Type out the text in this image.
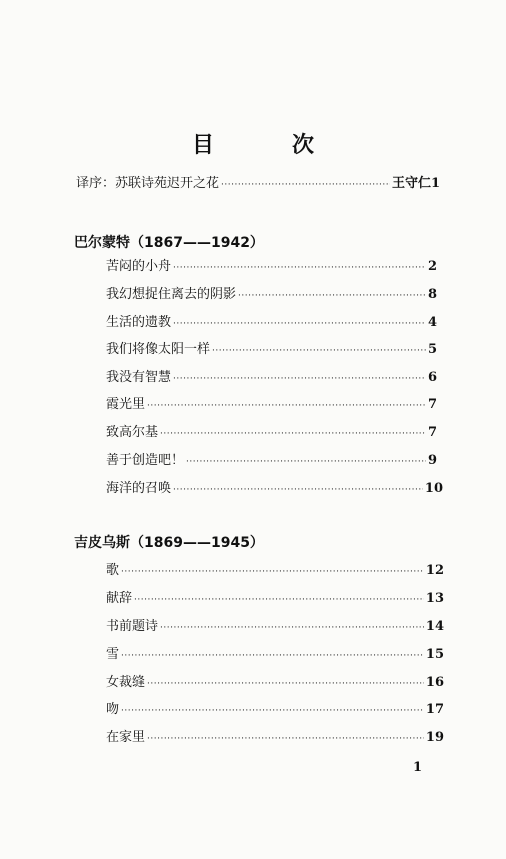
目　次
译序：苏联诗苑迟开之花 ·····	王守仁1
巴尔蒙特（1867——1942）
苦闷的小舟 ·····	2
我幻想捉住离去的阴影 ·····	8
生活的遗教 ·····	4
我们将像太阳一样 ·····	5
我没有智慧 ·····	6
霞光里 ·····	7
致高尔基 ·····	7
善于创造吧！ ·····	9
海洋的召唤 ·····	10
吉皮乌斯（1869——1945）
歌 ·····	12
献辞 ·····	13
书前题诗 ·····	14
雪 ·····	15
女裁缝 ·····	16
吻 ·····	17
在家里 ·····	19
1
